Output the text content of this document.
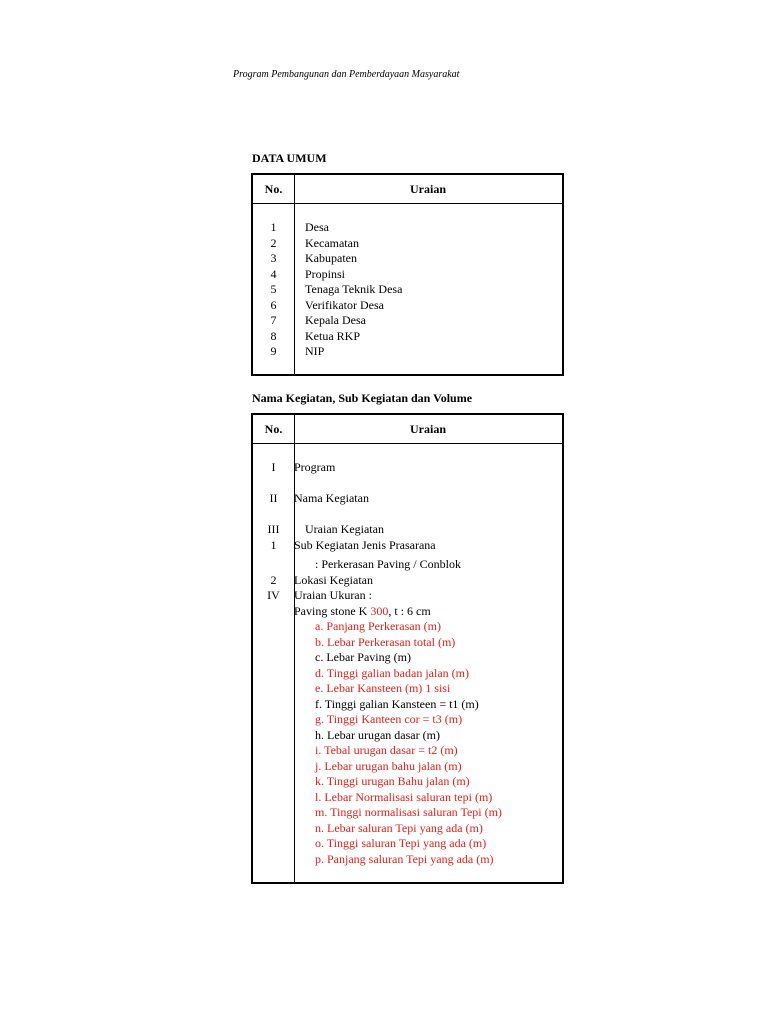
Program Pembangunan dan Pemberdayaan Masyarakat
DATA UMUM
No.	Uraian
1	Desa
2	Kecamatan
3	Kabupaten
4	Propinsi
5	Tenaga Teknik Desa
6	Verifikator Desa
7	Kepala Desa
8	Ketua RKP
9	NIP
Nama Kegiatan, Sub Kegiatan dan Volume
No.	Uraian
I	Program
II	Nama Kegiatan
III	Uraian Kegiatan
1	Sub Kegiatan Jenis Prasarana
: Perkerasan Paving / Conblok
2	Lokasi Kegiatan
IV	Uraian Ukuran :
Paving stone K 300, t : 6 cm
a. Panjang Perkerasan (m)
b. Lebar Perkerasan total (m)
c. Lebar Paving (m)
d. Tinggi galian badan jalan (m)
e. Lebar Kansteen (m) 1 sisi
f. Tinggi galian Kansteen = t1 (m)
g. Tinggi Kanteen cor = t3 (m)
h. Lebar urugan dasar (m)
i. Tebal urugan dasar = t2 (m)
j. Lebar urugan bahu jalan (m)
k. Tinggi urugan Bahu jalan (m)
l. Lebar Normalisasi saluran tepi (m)
m. Tinggi normalisasi saluran Tepi (m)
n. Lebar saluran Tepi yang ada (m)
o. Tinggi saluran Tepi yang ada (m)
p. Panjang saluran Tepi yang ada (m)
